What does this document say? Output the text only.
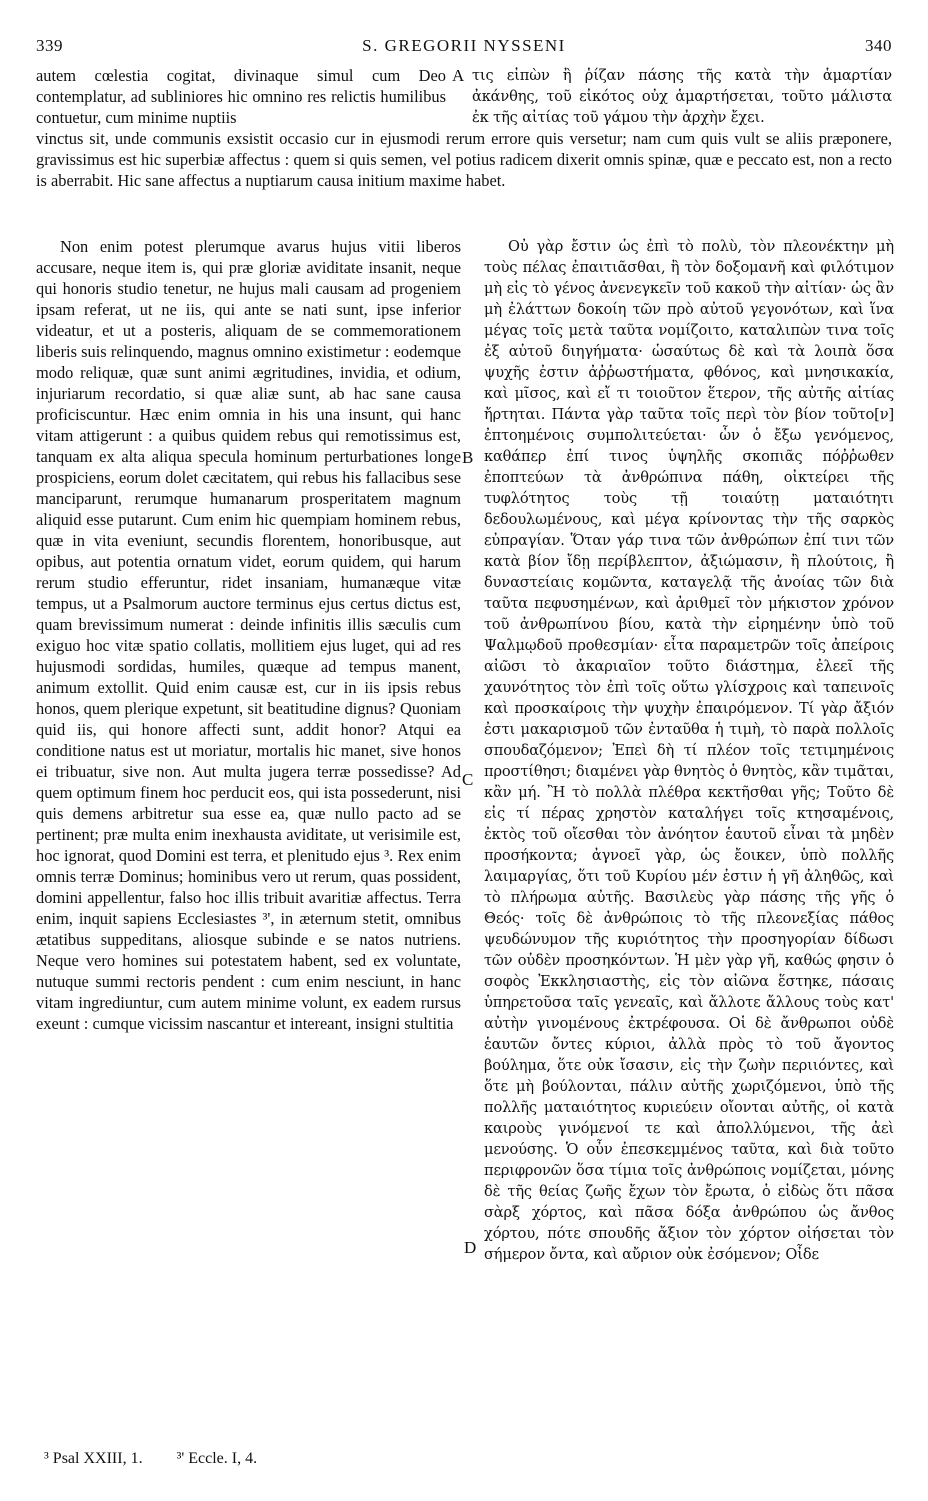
339	S. GREGORII NYSSENI	340

autem cœlestia cogitat, divinaque simul cum Deo contemplatur, ad subliniores hic omnino res relictis humilibus contuetur, cum minime nuptiis

A τις εἰπὼν ἢ ῥίζαν πάσης τῆς κατὰ τὴν ἁμαρτίαν ἀκάνθης, τοῦ εἰκότος οὐχ ἁμαρτήσεται, τοῦτο μάλιστα ἐκ τῆς αἰτίας τοῦ γάμου τὴν ἀρχὴν ἔχει.

vinctus sit, unde communis exsistit occasio cur in ejusmodi rerum errore quis versetur; nam cum quis vult se aliis præponere, gravissimus est hic superbiæ affectus : quem si quis semen, vel potius radicem dixerit omnis spinæ, quæ e peccato est, non a recto is aberrabit. Hic sane affectus a nuptiarum causa initium maxime habet.

Non enim potest plerumque avarus hujus vitii liberos accusare, neque item is, qui præ gloriæ aviditate insanit, neque qui honoris studio tenetur, ne hujus mali causam ad progeniem ipsam referat, ut ne iis, qui ante se nati sunt, ipse inferior videatur, et ut a posteris, aliquam de se commemorationem liberis suis relinquendo, magnus omnino existimetur : eodemque modo reliquæ, quæ sunt animi ægritudines, invidia, et odium, injuriarum recordatio, si quæ aliæ sunt, ab hac sane causa proficiscuntur. Hæc enim omnia in his una insunt, qui hanc vitam attigerunt : a quibus quidem rebus qui remotissimus est, tanquam ex alta aliqua specula hominum perturbationes longe prospiciens, eorum dolet cæcitatem, qui rebus his fallacibus sese manciparunt, rerumque humanarum prosperitatem magnum aliquid esse putarunt. Cum enim hic quempiam hominem rebus, quæ in vita eveniunt, secundis florentem, honoribusque, aut opibus, aut potentia ornatum videt, eorum quidem, qui harum rerum studio efferuntur, ridet insaniam, humanæque vitæ tempus, ut a Psalmorum auctore terminus ejus certus dictus est, quam brevissimum numerat : deinde infinitis illis sæculis cum exiguo hoc vitæ spatio collatis, mollitiem ejus luget, qui ad res hujusmodi sordidas, humiles, quæque ad tempus manent, animum extollit. Quid enim causæ est, cur in iis ipsis rebus honos, quem plerique expetunt, sit beatitudine dignus? Quoniam quid iis, qui honore affecti sunt, addit honor? Atqui ea conditione natus est ut moriatur, mortalis hic manet, sive honos ei tribuatur, sive non. Aut multa jugera terræ possedisse? Ad quem optimum finem hoc perducit eos, qui ista possederunt, nisi quis demens arbitretur sua esse ea, quæ nullo pacto ad se pertinent; præ multa enim inexhausta aviditate, ut verisimile est, hoc ignorat, quod Domini est terra, et plenitudo ejus ³. Rex enim omnis terræ Dominus; hominibus vero ut rerum, quas possident, domini appellentur, falso hoc illis tribuit avaritiæ affectus. Terra enim, inquit sapiens Ecclesiastes ³', in æternum stetit, omnibus ætatibus suppeditans, aliosque subinde e se natos nutriens. Neque vero homines sui potestatem habent, sed ex voluntate, nutuque summi rectoris pendent : cum enim nesciunt, in hanc vitam ingrediuntur, cum autem minime volunt, ex eadem rursus exeunt : cumque vicissim nascantur et intereant, insigni stultitia

B
C
D

Οὐ γὰρ ἔστιν ὡς ἐπὶ τὸ πολὺ, τὸν πλεονέκτην μὴ τοὺς πέλας ἐπαιτιᾶσθαι, ἢ τὸν δοξομανῆ καὶ φιλότιμον μὴ εἰς τὸ γένος ἀνενεγκεῖν τοῦ κακοῦ τὴν αἰτίαν· ὡς ἂν μὴ ἐλάττων δοκοίη τῶν πρὸ αὐτοῦ γεγονότων, καὶ ἵνα μέγας τοῖς μετὰ ταῦτα νομίζοιτο, καταλιπὼν τινα τοῖς ἐξ αὐτοῦ διηγήματα· ὡσαύτως δὲ καὶ τὰ λοιπὰ ὅσα ψυχῆς ἐστιν ἀῤῥωστήματα, φθόνος, καὶ μνησικακία, καὶ μῖσος, καὶ εἴ τι τοιοῦτον ἕτερον, τῆς αὐτῆς αἰτίας ἤρτηται. Πάντα γὰρ ταῦτα τοῖς περὶ τὸν βίον τοῦτο[ν] ἐπτοημένοις συμπολιτεύεται· ὧν ὁ ἔξω γενόμενος, καθάπερ ἐπί τινος ὑψηλῆς σκοπιᾶς πόῤῥωθεν ἐποπτεύων τὰ ἀνθρώπινα πάθη, οἰκτείρει τῆς τυφλότητος τοὺς τῇ τοιαύτῃ ματαιότητι δεδουλωμένους, καὶ μέγα κρίνοντας τὴν τῆς σαρκὸς εὐπραγίαν. Ὅταν γάρ τινα τῶν ἀνθρώπων ἐπί τινι τῶν κατὰ βίον ἴδῃ περίβλεπτον, ἀξιώμασιν, ἢ πλούτοις, ἢ δυναστείαις κομῶντα, καταγελᾷ τῆς ἀνοίας τῶν διὰ ταῦτα πεφυσημένων, καὶ ἀριθμεῖ τὸν μήκιστον χρόνον τοῦ ἀνθρωπίνου βίου, κατὰ τὴν εἰρημένην ὑπὸ τοῦ Ψαλμῳδοῦ προθεσμίαν· εἶτα παραμετρῶν τοῖς ἀπείροις αἰῶσι τὸ ἀκαριαῖον τοῦτο διάστημα, ἐλεεῖ τῆς χαυνότητος τὸν ἐπὶ τοῖς οὕτω γλίσχροις καὶ ταπεινοῖς καὶ προσκαίροις τὴν ψυχὴν ἐπαιρόμενον. Τί γὰρ ἄξιόν ἐστι μακαρισμοῦ τῶν ἐνταῦθα ἡ τιμὴ, τὸ παρὰ πολλοῖς σπουδαζόμενον; Ἐπεὶ δὴ τί πλέον τοῖς τετιμημένοις προστίθησι; διαμένει γὰρ θνητὸς ὁ θνητὸς, κἂν τιμᾶται, κἂν μή. Ἢ τὸ πολλὰ πλέθρα κεκτῆσθαι γῆς; Τοῦτο δὲ εἰς τί πέρας χρηστὸν καταλήγει τοῖς κτησαμένοις, ἐκτὸς τοῦ οἴεσθαι τὸν ἀνόητον ἑαυτοῦ εἶναι τὰ μηδὲν προσήκοντα; ἀγνοεῖ γὰρ, ὡς ἔοικεν, ὑπὸ πολλῆς λαιμαργίας, ὅτι τοῦ Κυρίου μέν ἐστιν ἡ γῆ ἀληθῶς, καὶ τὸ πλήρωμα αὐτῆς. Βασιλεὺς γὰρ πάσης τῆς γῆς ὁ Θεός· τοῖς δὲ ἀνθρώποις τὸ τῆς πλεονεξίας πάθος ψευδώνυμον τῆς κυριότητος τὴν προσηγορίαν δίδωσι τῶν οὐδὲν προσηκόντων. Ἡ μὲν γὰρ γῆ, καθώς φησιν ὁ σοφὸς Ἐκκλησιαστὴς, εἰς τὸν αἰῶνα ἕστηκε, πάσαις ὑπηρετοῦσα ταῖς γενεαῖς, καὶ ἄλλοτε ἄλλους τοὺς κατ' αὐτὴν γινομένους ἐκτρέφουσα. Οἱ δὲ ἄνθρωποι οὐδὲ ἑαυτῶν ὄντες κύριοι, ἀλλὰ πρὸς τὸ τοῦ ἄγοντος βούλημα, ὅτε οὐκ ἴσασιν, εἰς τὴν ζωὴν περιιόντες, καὶ ὅτε μὴ βούλονται, πάλιν αὐτῆς χωριζόμενοι, ὑπὸ τῆς πολλῆς ματαιότητος κυριεύειν οἴονται αὐτῆς, οἱ κατὰ καιροὺς γινόμενοί τε καὶ ἀπολλύμενοι, τῆς ἀεὶ μενούσης. Ὁ οὖν ἐπεσκεμμένος ταῦτα, καὶ διὰ τοῦτο περιφρονῶν ὅσα τίμια τοῖς ἀνθρώποις νομίζεται, μόνης δὲ τῆς θείας ζωῆς ἔχων τὸν ἔρωτα, ὁ εἰδὼς ὅτι πᾶσα σὰρξ χόρτος, καὶ πᾶσα δόξα ἀνθρώπου ὡς ἄνθος χόρτου, πότε σπουδῆς ἄξιον τὸν χόρτον οἰήσεται τὸν σήμερον ὄντα, καὶ αὔριον οὐκ ἐσόμενον; Οἶδε

³ Psal XXIII, 1. ³' Eccle. I, 4.
